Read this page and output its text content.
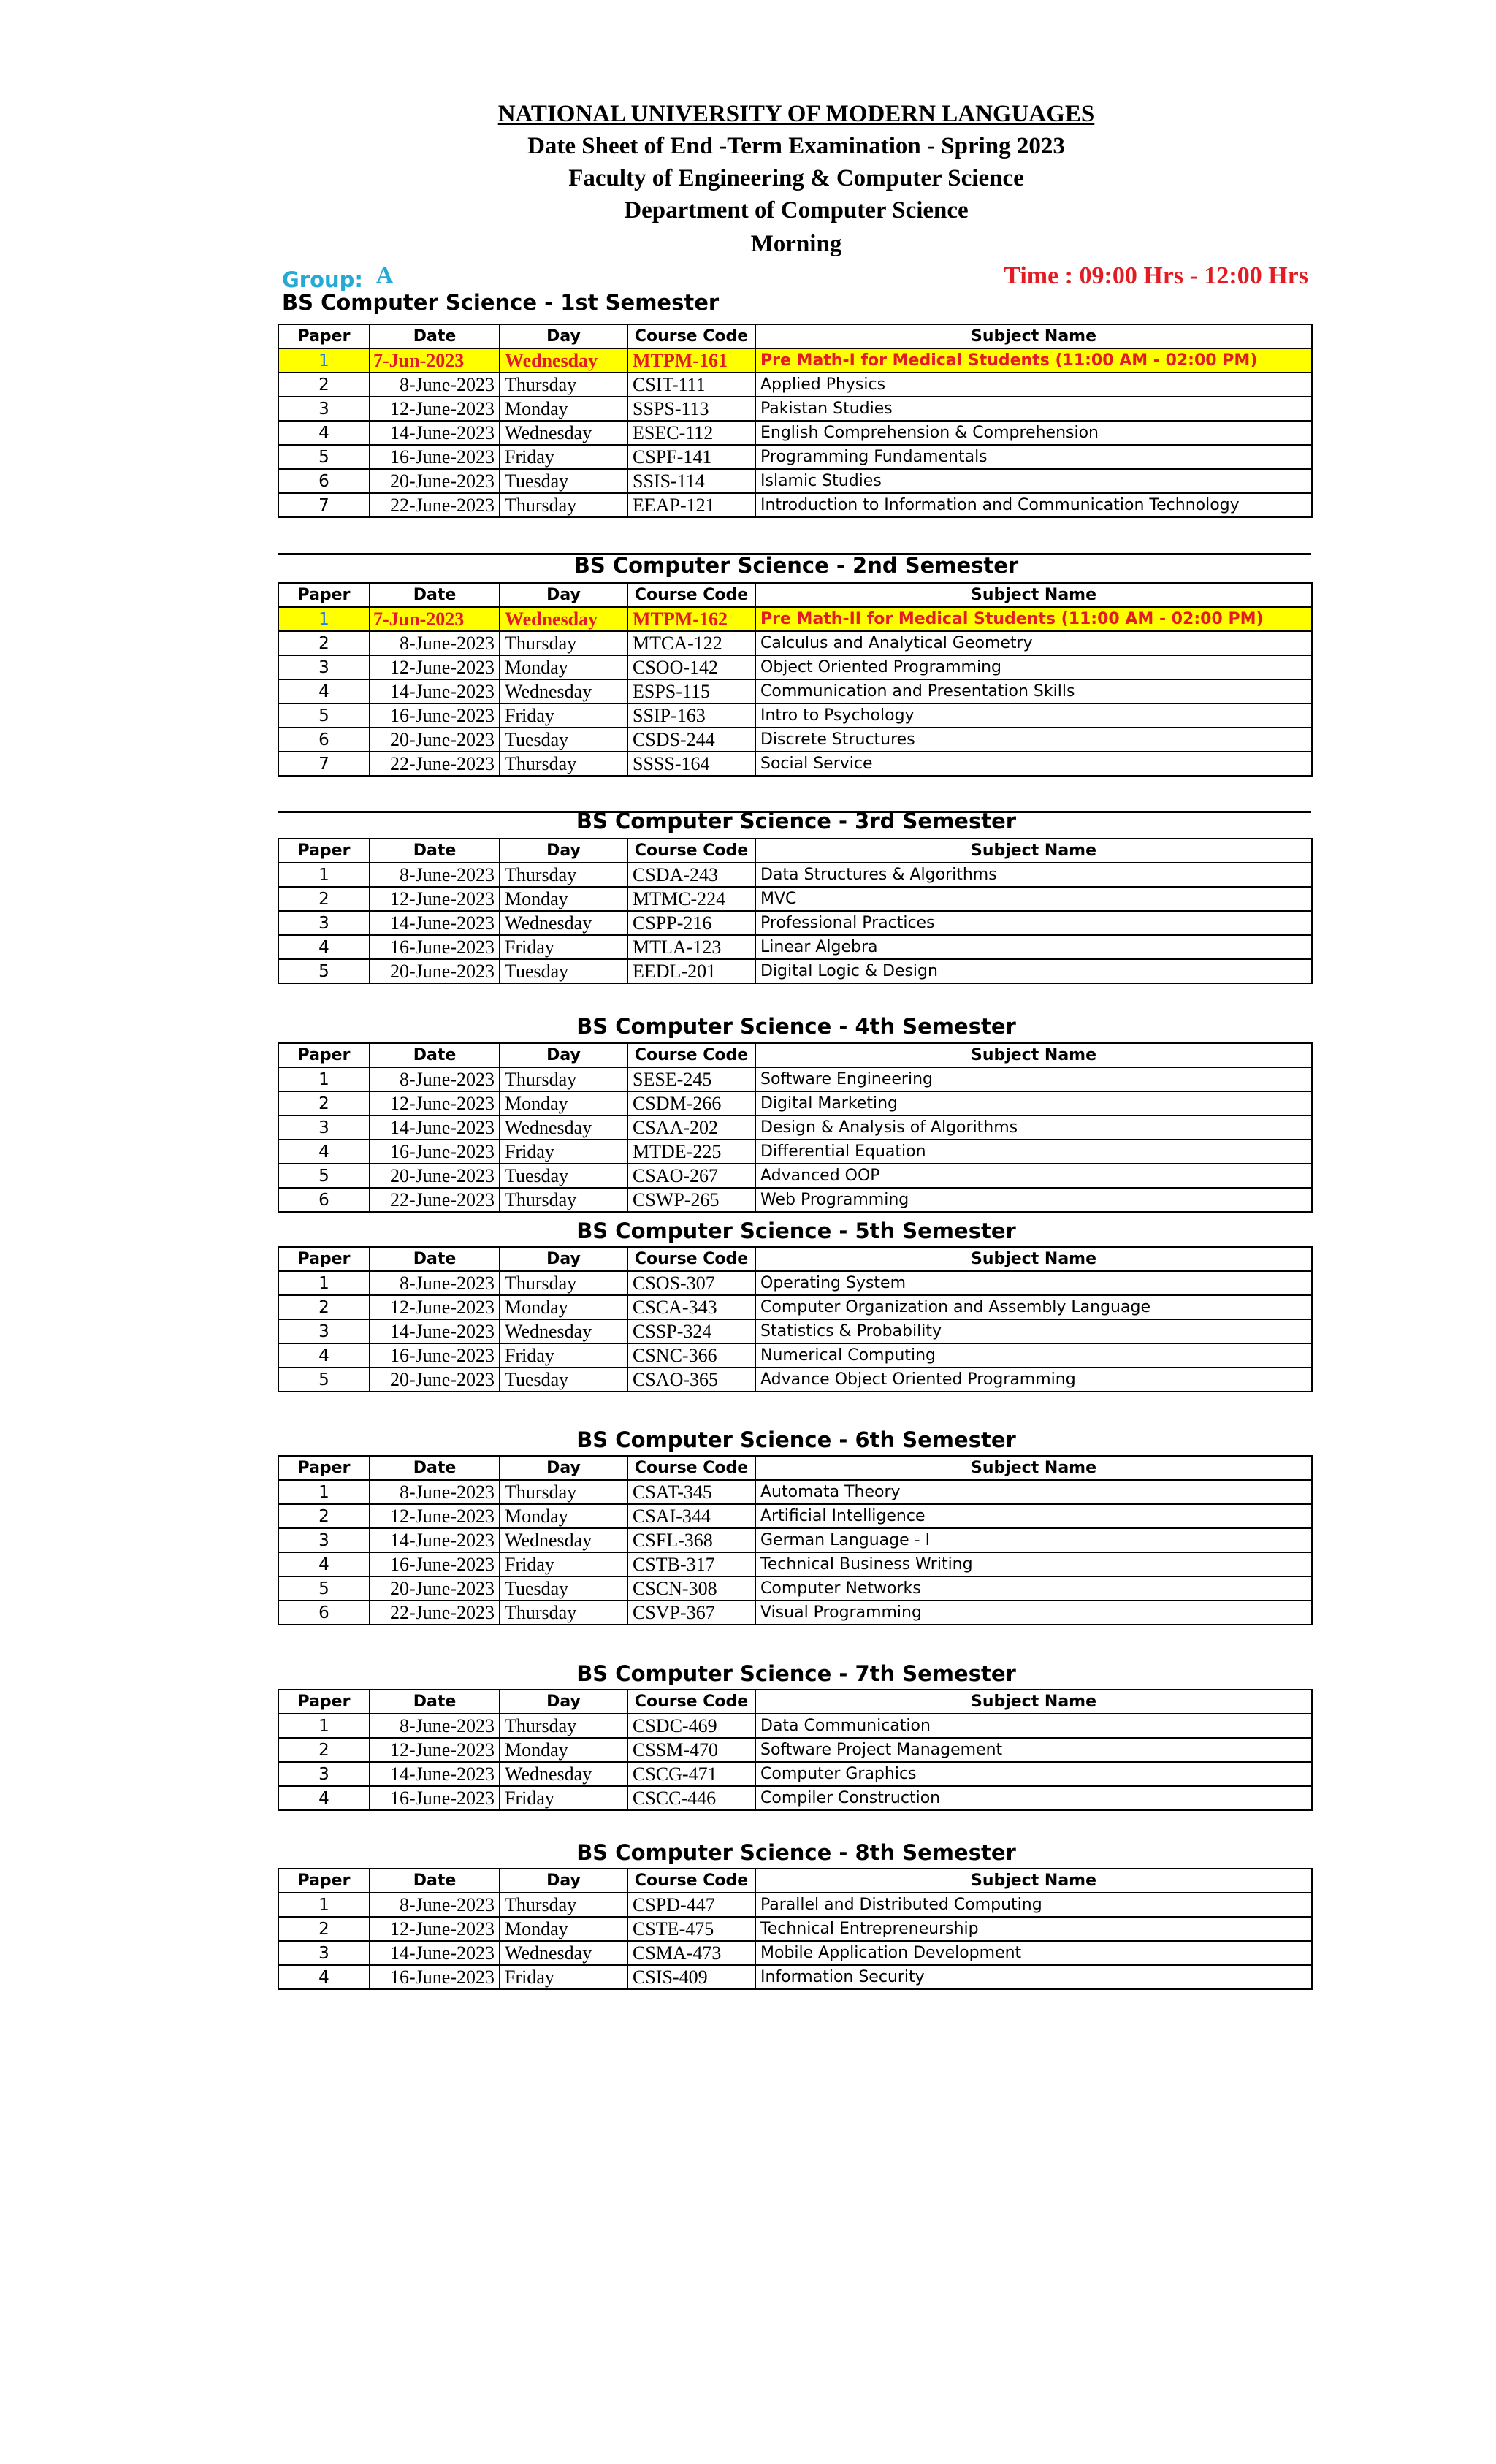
NATIONAL UNIVERSITY OF MODERN LANGUAGES
Date Sheet of End -Term Examination - Spring 2023
Faculty of Engineering & Computer Science
Department of Computer Science
Morning
Group: A	Time : 09:00 Hrs - 12:00 Hrs
BS Computer Science - 1st Semester
Paper	Date	Day	Course Code	Subject Name
1	7-Jun-2023	Wednesday	MTPM-161	Pre Math-I for Medical Students (11:00 AM - 02:00 PM)
2	8-June-2023	Thursday	CSIT-111	Applied Physics
3	12-June-2023	Monday	SSPS-113	Pakistan Studies
4	14-June-2023	Wednesday	ESEC-112	English Comprehension & Comprehension
5	16-June-2023	Friday	CSPF-141	Programming Fundamentals
6	20-June-2023	Tuesday	SSIS-114	Islamic Studies
7	22-June-2023	Thursday	EEAP-121	Introduction to Information and Communication Technology
BS Computer Science - 2nd Semester
Paper	Date	Day	Course Code	Subject Name
1	7-Jun-2023	Wednesday	MTPM-162	Pre Math-II for Medical Students (11:00 AM - 02:00 PM)
2	8-June-2023	Thursday	MTCA-122	Calculus and Analytical Geometry
3	12-June-2023	Monday	CSOO-142	Object Oriented Programming
4	14-June-2023	Wednesday	ESPS-115	Communication and Presentation Skills
5	16-June-2023	Friday	SSIP-163	Intro to Psychology
6	20-June-2023	Tuesday	CSDS-244	Discrete Structures
7	22-June-2023	Thursday	SSSS-164	Social Service
BS Computer Science - 3rd Semester
Paper	Date	Day	Course Code	Subject Name
1	8-June-2023	Thursday	CSDA-243	Data Structures & Algorithms
2	12-June-2023	Monday	MTMC-224	MVC
3	14-June-2023	Wednesday	CSPP-216	Professional Practices
4	16-June-2023	Friday	MTLA-123	Linear Algebra
5	20-June-2023	Tuesday	EEDL-201	Digital Logic & Design
BS Computer Science - 4th Semester
Paper	Date	Day	Course Code	Subject Name
1	8-June-2023	Thursday	SESE-245	Software Engineering
2	12-June-2023	Monday	CSDM-266	Digital Marketing
3	14-June-2023	Wednesday	CSAA-202	Design & Analysis of Algorithms
4	16-June-2023	Friday	MTDE-225	Differential Equation
5	20-June-2023	Tuesday	CSAO-267	Advanced OOP
6	22-June-2023	Thursday	CSWP-265	Web Programming
BS Computer Science - 5th Semester
Paper	Date	Day	Course Code	Subject Name
1	8-June-2023	Thursday	CSOS-307	Operating System
2	12-June-2023	Monday	CSCA-343	Computer Organization and Assembly Language
3	14-June-2023	Wednesday	CSSP-324	Statistics & Probability
4	16-June-2023	Friday	CSNC-366	Numerical Computing
5	20-June-2023	Tuesday	CSAO-365	Advance Object Oriented Programming
BS Computer Science - 6th Semester
Paper	Date	Day	Course Code	Subject Name
1	8-June-2023	Thursday	CSAT-345	Automata Theory
2	12-June-2023	Monday	CSAI-344	Artificial Intelligence
3	14-June-2023	Wednesday	CSFL-368	German Language - I
4	16-June-2023	Friday	CSTB-317	Technical Business Writing
5	20-June-2023	Tuesday	CSCN-308	Computer Networks
6	22-June-2023	Thursday	CSVP-367	Visual Programming
BS Computer Science - 7th Semester
Paper	Date	Day	Course Code	Subject Name
1	8-June-2023	Thursday	CSDC-469	Data Communication
2	12-June-2023	Monday	CSSM-470	Software Project Management
3	14-June-2023	Wednesday	CSCG-471	Computer Graphics
4	16-June-2023	Friday	CSCC-446	Compiler Construction
BS Computer Science - 8th Semester
Paper	Date	Day	Course Code	Subject Name
1	8-June-2023	Thursday	CSPD-447	Parallel and Distributed Computing
2	12-June-2023	Monday	CSTE-475	Technical Entrepreneurship
3	14-June-2023	Wednesday	CSMA-473	Mobile Application Development
4	16-June-2023	Friday	CSIS-409	Information Security
